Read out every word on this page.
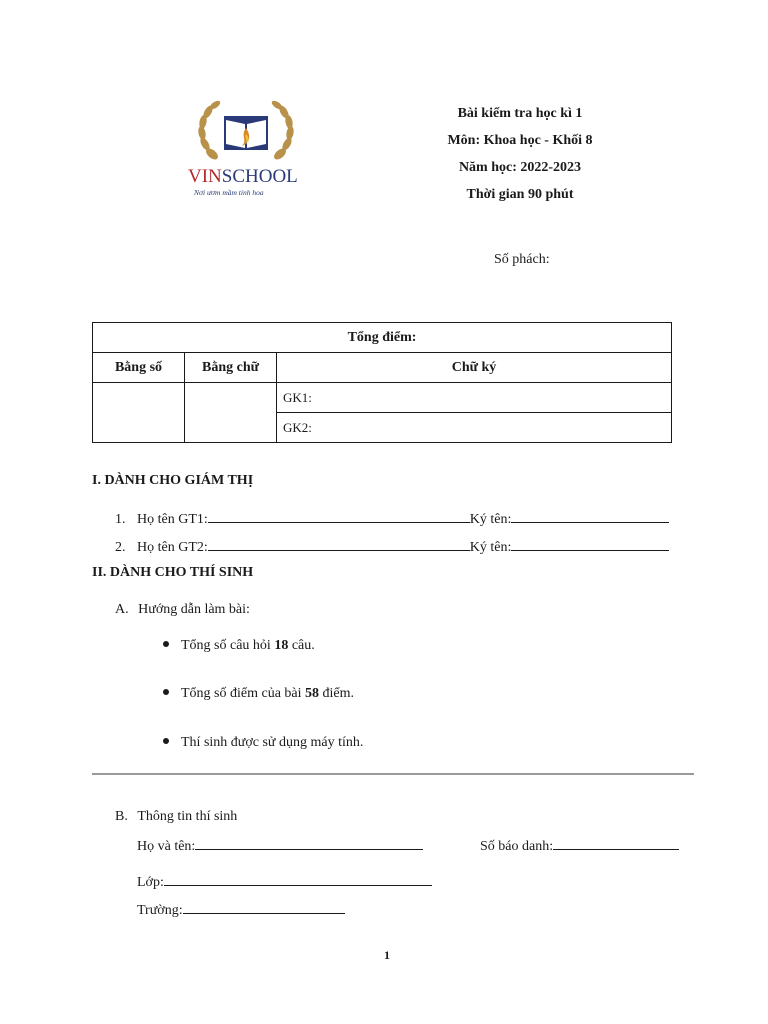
VINSCHOOL
Nơi ươm mầm tinh hoa
Bài kiểm tra học kì 1
Môn: Khoa học - Khối 8
Năm học: 2022-2023
Thời gian 90 phút
Số phách:
Tổng điểm:		
Bằng số	Bằng chữ	Chữ ký
		GK1:
		GK2:
I. DÀNH CHO GIÁM THỊ
1. Họ tên GT1:	Ký tên:
2. Họ tên GT2:	Ký tên:
II. DÀNH CHO THÍ SINH
A. Hướng dẫn làm bài:
Tổng số câu hỏi 18 câu.
Tổng số điểm của bài 58 điểm.
Thí sinh được sử dụng máy tính.
B. Thông tin thí sinh
Họ và tên:	Số báo danh:
Lớp:
Trường:
1
